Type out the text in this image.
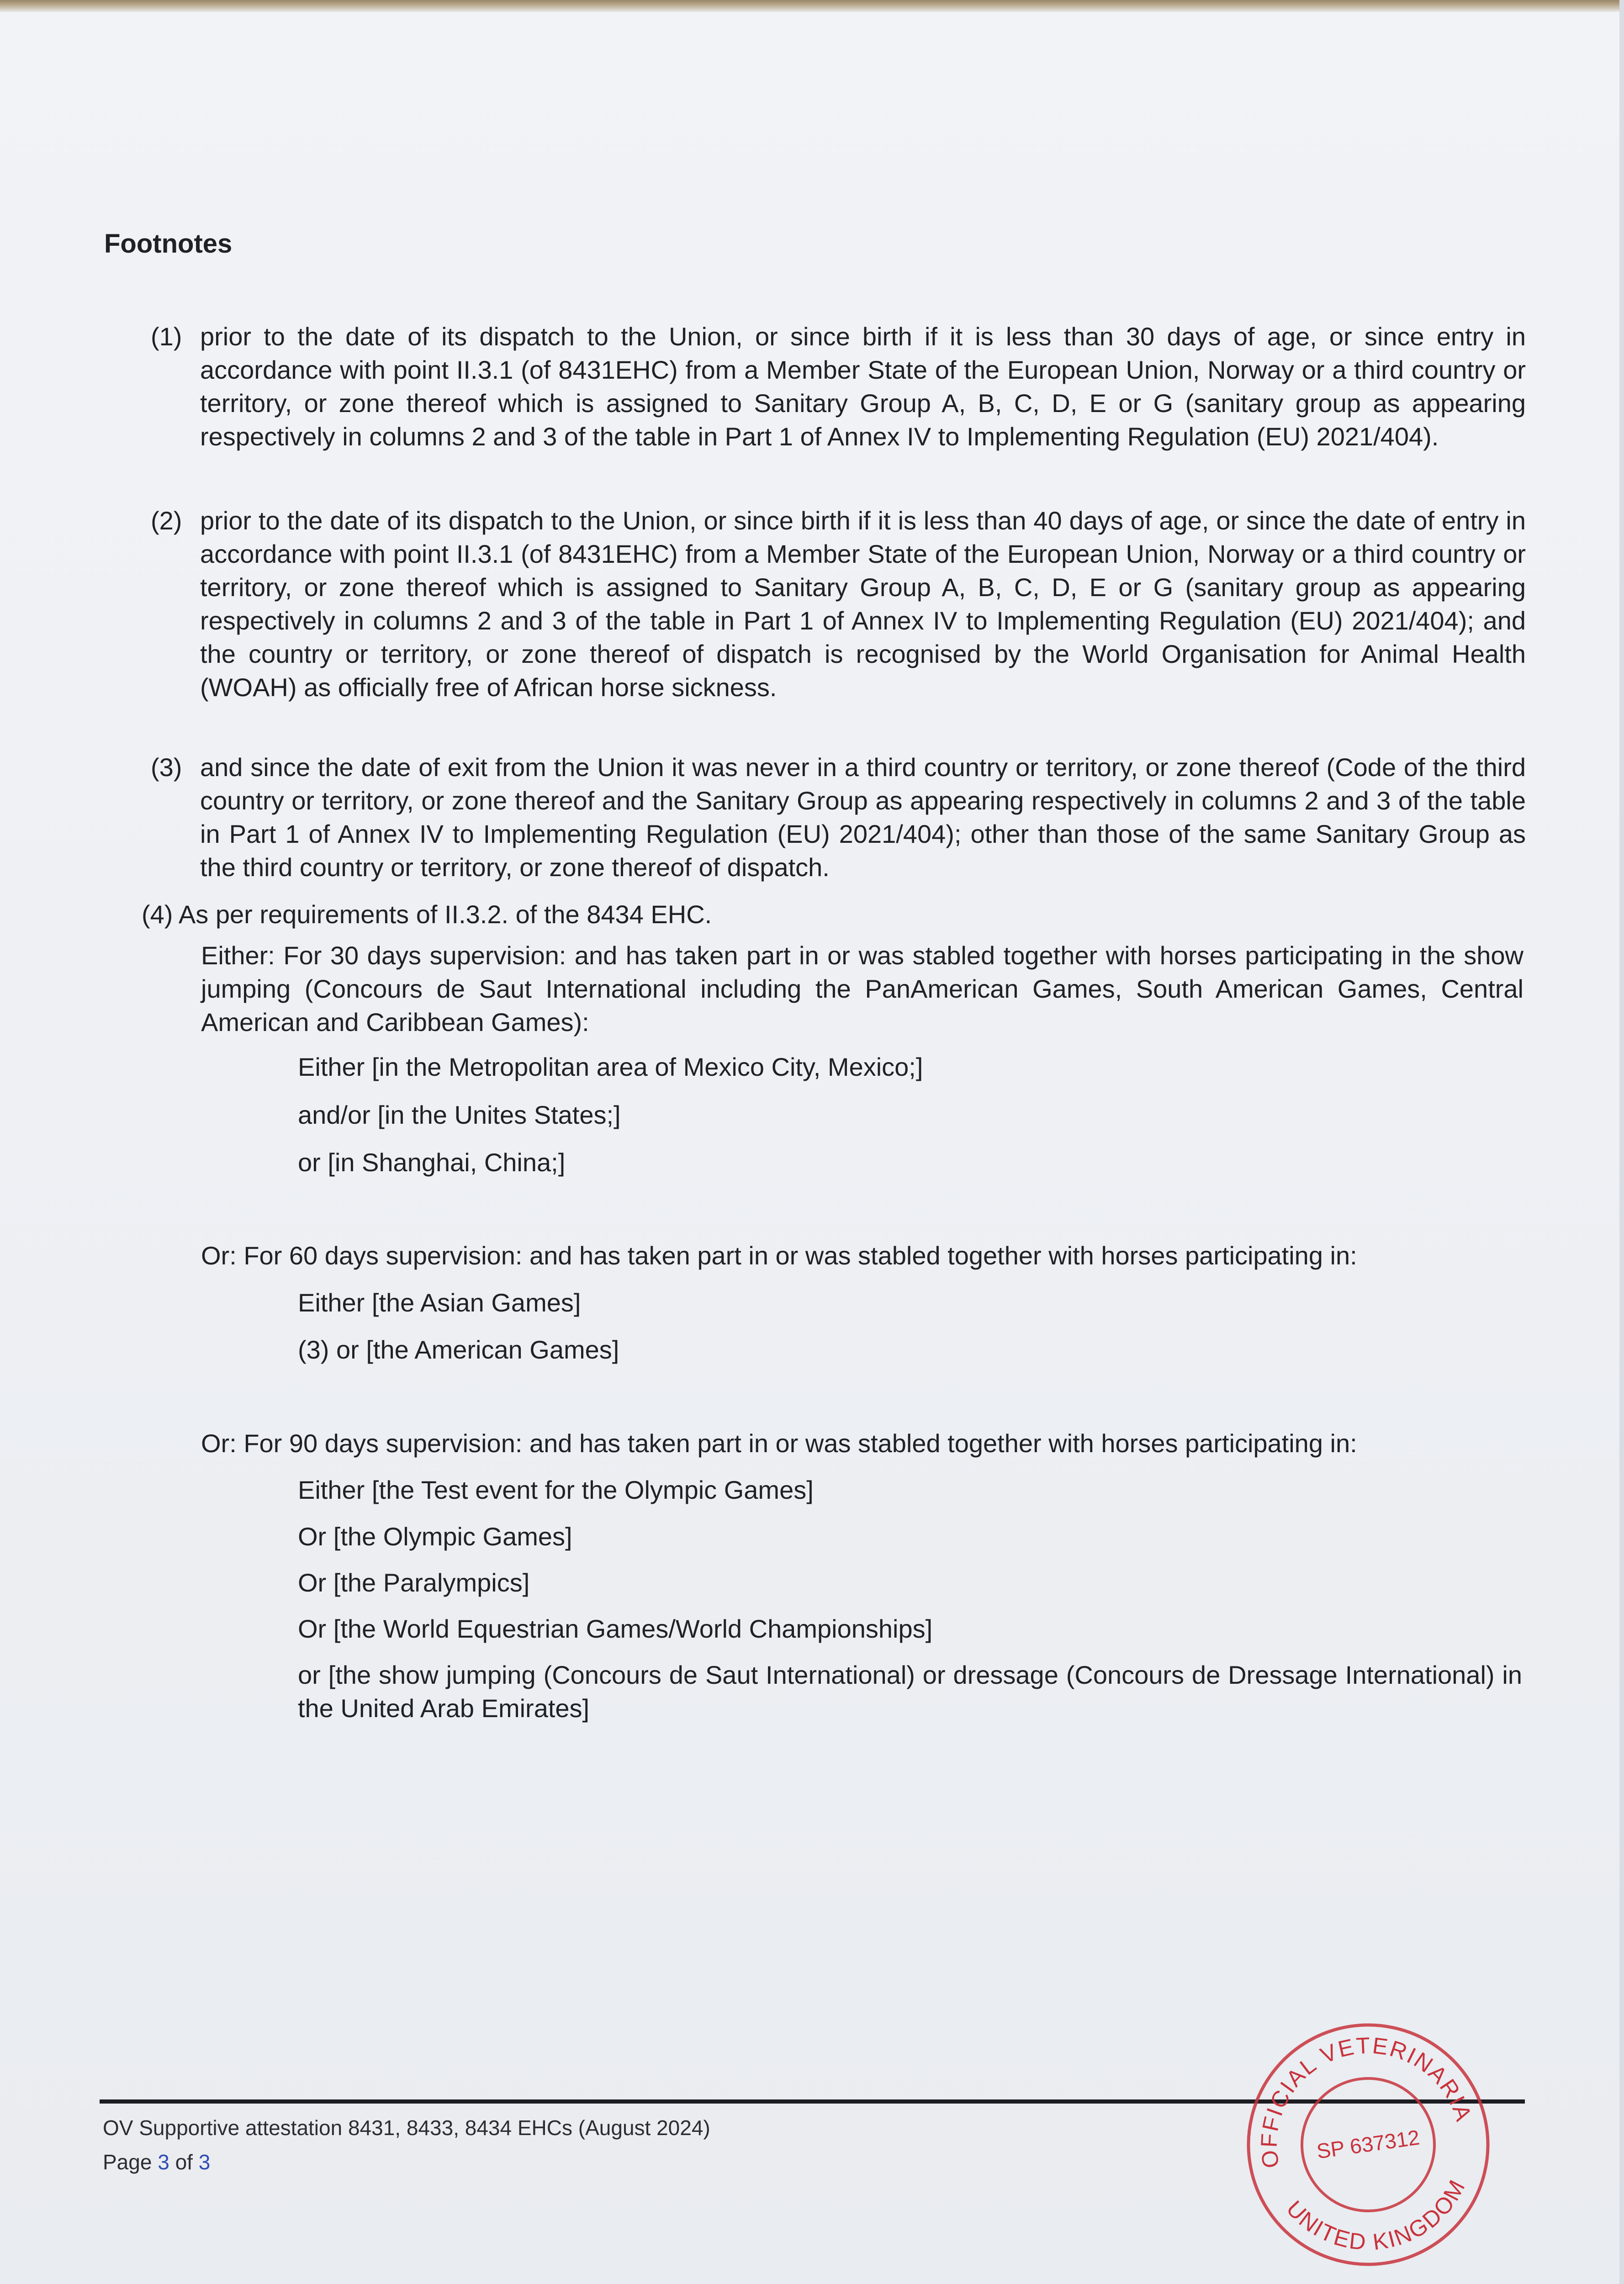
Footnotes
(1) prior to the date of its dispatch to the Union, or since birth if it is less than 30 days of age, or since entry in accordance with point II.3.1 (of 8431EHC) from a Member State of the European Union, Norway or a third country or territory, or zone thereof which is assigned to Sanitary Group A, B, C, D, E or G (sanitary group as appearing respectively in columns 2 and 3 of the table in Part 1 of Annex IV to Implementing Regulation (EU) 2021/404).
(2) prior to the date of its dispatch to the Union, or since birth if it is less than 40 days of age, or since the date of entry in accordance with point II.3.1 (of 8431EHC) from a Member State of the European Union, Norway or a third country or territory, or zone thereof which is assigned to Sanitary Group A, B, C, D, E or G (sanitary group as appearing respectively in columns 2 and 3 of the table in Part 1 of Annex IV to Implementing Regulation (EU) 2021/404); and the country or territory, or zone thereof of dispatch is recognised by the World Organisation for Animal Health (WOAH) as officially free of African horse sickness.
(3) and since the date of exit from the Union it was never in a third country or territory, or zone thereof (Code of the third country or territory, or zone thereof and the Sanitary Group as appearing respectively in columns 2 and 3 of the table in Part 1 of Annex IV to Implementing Regulation (EU) 2021/404); other than those of the same Sanitary Group as the third country or territory, or zone thereof of dispatch.
(4) As per requirements of II.3.2. of the 8434 EHC.
Either: For 30 days supervision: and has taken part in or was stabled together with horses participating in the show jumping (Concours de Saut International including the PanAmerican Games, South American Games, Central American and Caribbean Games):
Either [in the Metropolitan area of Mexico City, Mexico;]
and/or [in the Unites States;]
or [in Shanghai, China;]
Or: For 60 days supervision: and has taken part in or was stabled together with horses participating in:
Either [the Asian Games]
(3) or [the American Games]
Or: For 90 days supervision: and has taken part in or was stabled together with horses participating in:
Either [the Test event for the Olympic Games]
Or [the Olympic Games]
Or [the Paralympics]
Or [the World Equestrian Games/World Championships]
or [the show jumping (Concours de Saut International) or dressage (Concours de Dressage International) in the United Arab Emirates]
OV Supportive attestation 8431, 8433, 8434 EHCs (August 2024)
Page 3 of 3	OFFICIAL VETERINARIAN
UNITED KINGDOM
SP 637312
